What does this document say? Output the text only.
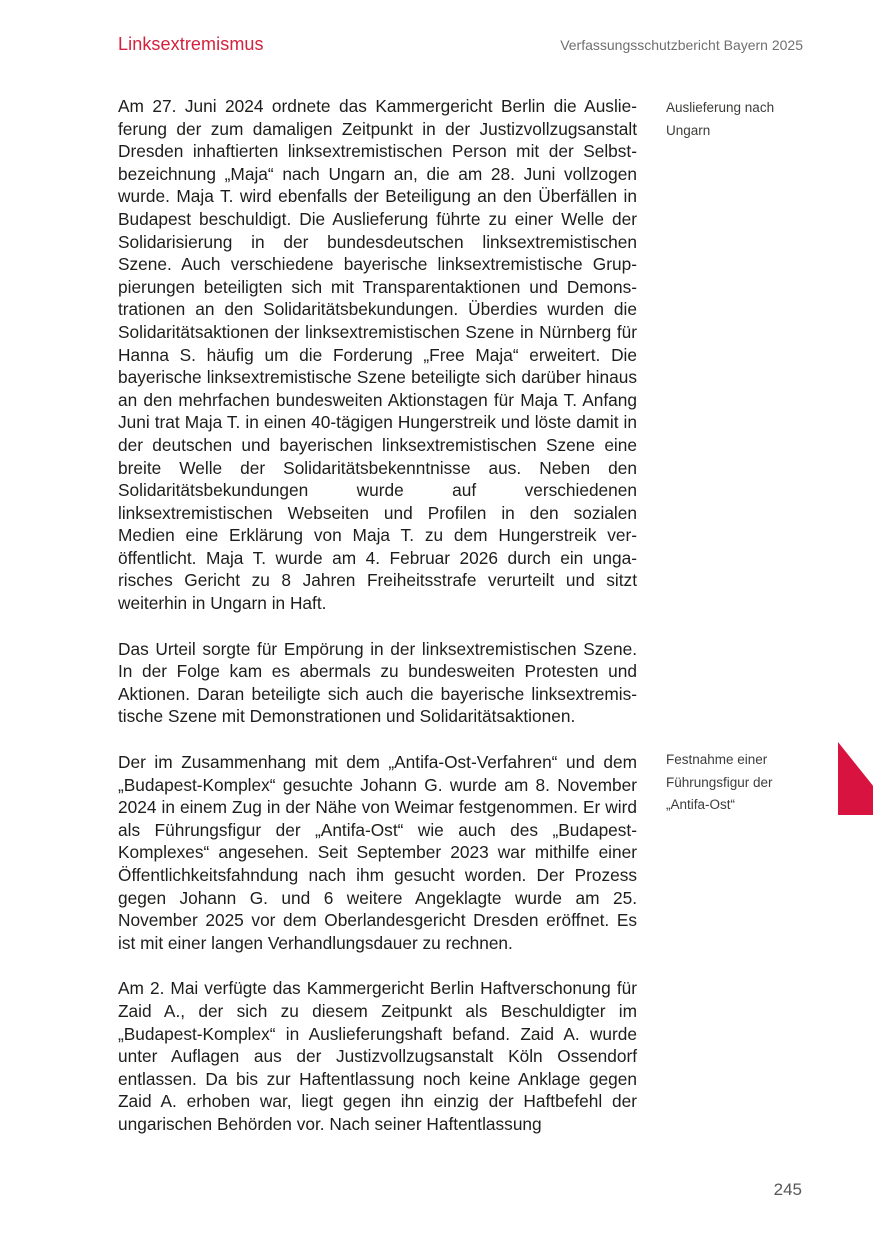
Linksextremismus	Verfassungsschutzbericht Bayern 2025

Am 27. Juni 2024 ordnete das Kammergericht Berlin die Auslieferung der zum damaligen Zeitpunkt in der Justizvollzugsanstalt Dresden inhaftierten linksextremistischen Person mit der Selbstbezeichnung „Maja“ nach Ungarn an, die am 28. Juni vollzogen wurde. Maja T. wird ebenfalls der Beteiligung an den Überfällen in Budapest beschuldigt. Die Auslieferung führte zu einer Welle der Solidarisierung in der bundesdeutschen linksextremistischen Szene. Auch verschiedene bayerische linksextremistische Gruppierungen beteiligten sich mit Transparentaktionen und Demonstrationen an den Solidaritätsbekundungen. Überdies wurden die Solidaritätsaktionen der linksextremistischen Szene in Nürnberg für Hanna S. häufig um die Forderung „Free Maja“ erweitert. Die bayerische linksextremistische Szene beteiligte sich darüber hinaus an den mehrfachen bundesweiten Aktionstagen für Maja T. Anfang Juni trat Maja T. in einen 40-tägigen Hungerstreik und löste damit in der deutschen und bayerischen linksextremistischen Szene eine breite Welle der Solidaritätsbekenntnisse aus. Neben den Solidaritätsbekundungen wurde auf verschiedenen linksextremistischen Webseiten und Profilen in den sozialen Medien eine Erklärung von Maja T. zu dem Hungerstreik veröffentlicht. Maja T. wurde am 4. Februar 2026 durch ein ungarisches Gericht zu 8 Jahren Freiheitsstrafe verurteilt und sitzt weiterhin in Ungarn in Haft.

Das Urteil sorgte für Empörung in der linksextremistischen Szene. In der Folge kam es abermals zu bundesweiten Protesten und Aktionen. Daran beteiligte sich auch die bayerische linksextremistische Szene mit Demonstrationen und Solidaritätsaktionen.

Der im Zusammenhang mit dem „Antifa-Ost-Verfahren“ und dem „Budapest-Komplex“ gesuchte Johann G. wurde am 8. November 2024 in einem Zug in der Nähe von Weimar festgenommen. Er wird als Führungsfigur der „Antifa-Ost“ wie auch des „Budapest-Komplexes“ angesehen. Seit September 2023 war mithilfe einer Öffentlichkeitsfahndung nach ihm gesucht worden. Der Prozess gegen Johann G. und 6 weitere Angeklagte wurde am 25. November 2025 vor dem Oberlandesgericht Dresden eröffnet. Es ist mit einer langen Verhandlungsdauer zu rechnen.

Am 2. Mai verfügte das Kammergericht Berlin Haftverschonung für Zaid A., der sich zu diesem Zeitpunkt als Beschuldigter im „Budapest-Komplex“ in Auslieferungshaft befand. Zaid A. wurde unter Auflagen aus der Justizvollzugsanstalt Köln Ossendorf entlassen. Da bis zur Haftentlassung noch keine Anklage gegen Zaid A. erhoben war, liegt gegen ihn einzig der Haftbefehl der ungarischen Behörden vor. Nach seiner Haftentlassung

Auslieferung nach Ungarn
Festnahme einer Führungsfigur der „Antifa-Ost“
245
